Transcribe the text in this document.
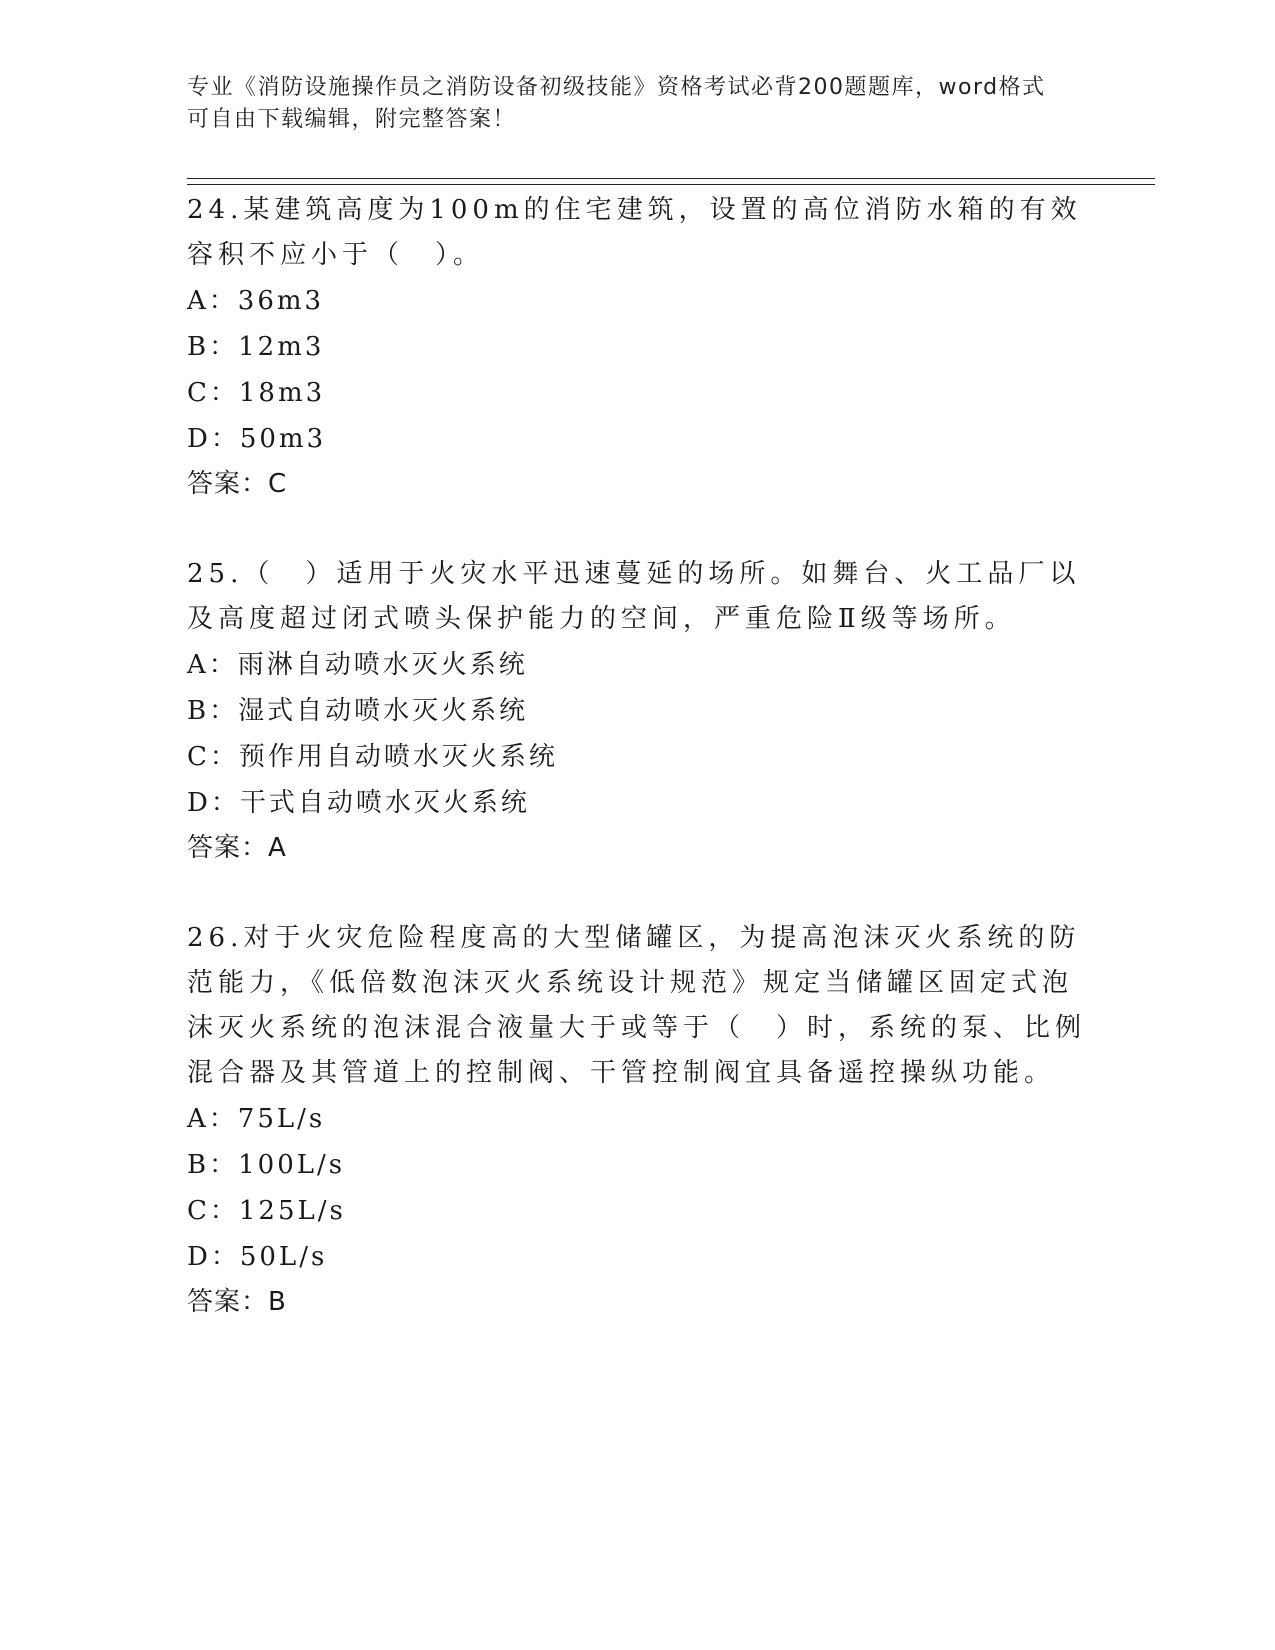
专业《消防设施操作员之消防设备初级技能》资格考试必背200题题库，word格式可自由下载编辑，附完整答案！

24.某建筑高度为100m的住宅建筑，设置的高位消防水箱的有效容积不应小于（　）。

A：36m3

B：12m3

C：18m3

D：50m3

答案：C

25.（　）适用于火灾水平迅速蔓延的场所。如舞台、火工品厂以及高度超过闭式喷头保护能力的空间，严重危险Ⅱ级等场所。

A：雨淋自动喷水灭火系统

B：湿式自动喷水灭火系统

C：预作用自动喷水灭火系统

D：干式自动喷水灭火系统

答案：A

26.对于火灾危险程度高的大型储罐区，为提高泡沫灭火系统的防范能力，《低倍数泡沫灭火系统设计规范》规定当储罐区固定式泡沫灭火系统的泡沫混合液量大于或等于（　）时，系统的泵、比例混合器及其管道上的控制阀、干管控制阀宜具备遥控操纵功能。

A：75L/s

B：100L/s

C：125L/s

D：50L/s

答案：B
